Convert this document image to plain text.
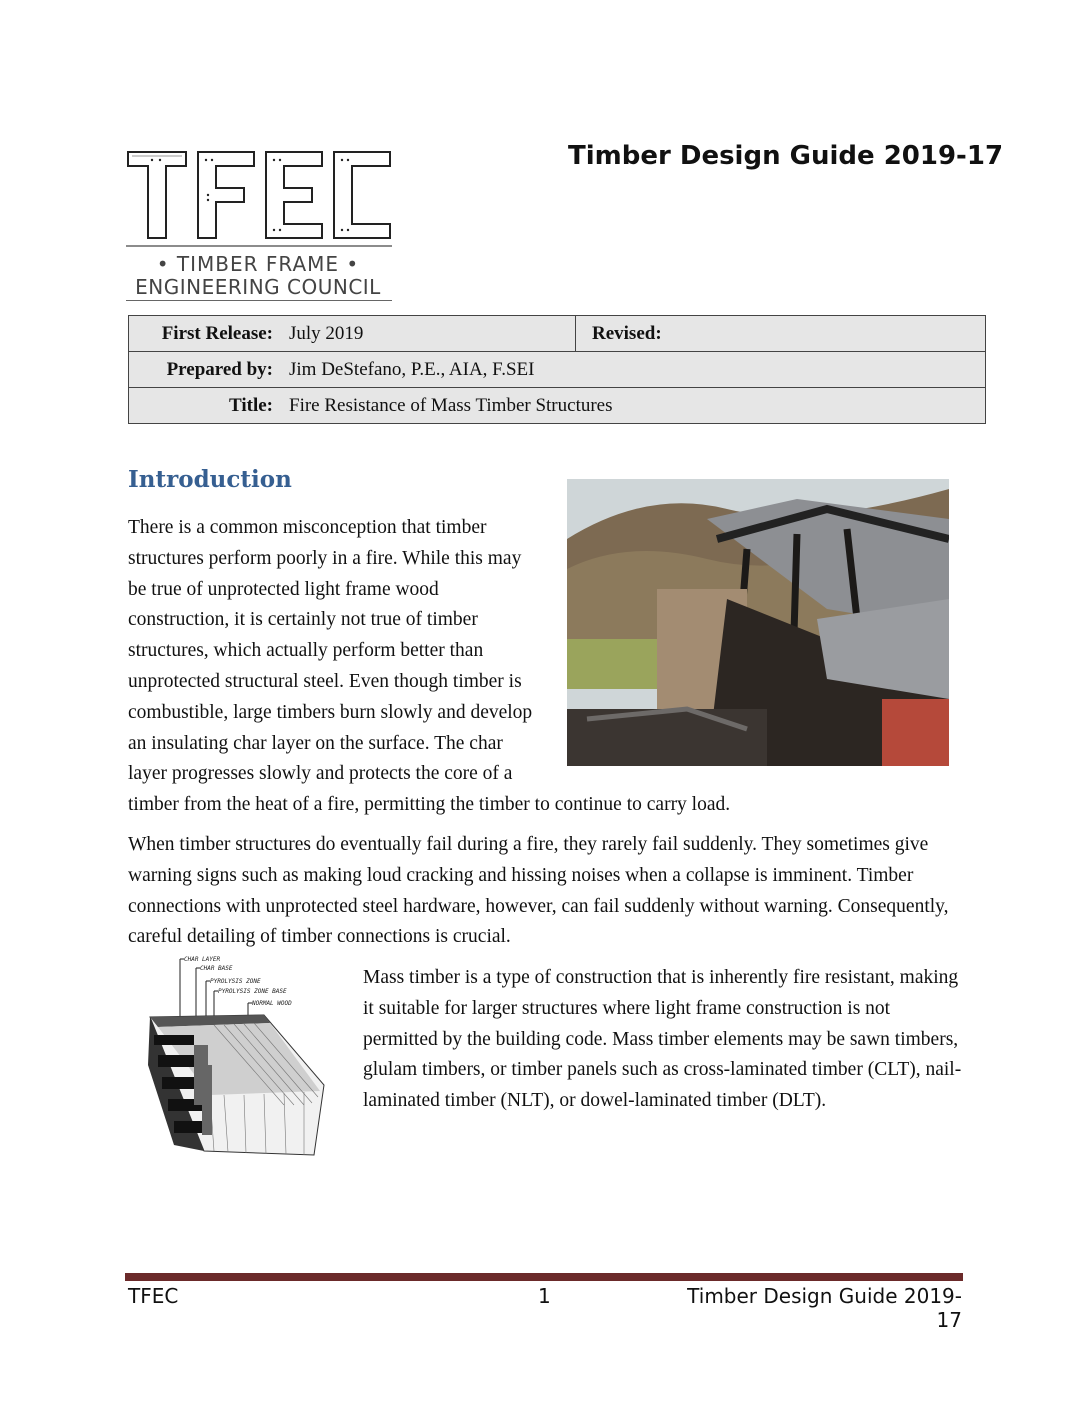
• TIMBER FRAME •
ENGINEERING COUNCIL
Timber Design Guide 2019-17
First Release:	July 2019	Revised:	
Prepared by:	Jim DeStefano, P.E., AIA, F.SEI		
Title:	Fire Resistance of Mass Timber Structures		
Introduction

There is a common misconception that timber structures perform poorly in a fire. While this may be true of unprotected light frame wood construction, it is certainly not true of timber structures, which actually perform better than unprotected structural steel. Even though timber is combustible, large timbers burn slowly and develop an insulating char layer on the surface. The char layer progresses slowly and protects the core of a timber from the heat of a fire, permitting the timber to continue to carry load.

When timber structures do eventually fail during a fire, they rarely fail suddenly. They sometimes give warning signs such as making loud cracking and hissing noises when a collapse is imminent. Timber connections with unprotected steel hardware, however, can fail suddenly without warning. Consequently, careful detailing of timber connections is crucial.

CHAR LAYER
CHAR BASE
PYROLYSIS ZONE
PYROLYSIS ZONE BASE
NORMAL WOOD

Mass timber is a type of construction that is inherently fire resistant, making it suitable for larger structures where light frame construction is not permitted by the building code. Mass timber elements may be sawn timbers, glulam timbers, or timber panels such as cross-laminated timber (CLT), nail-laminated timber (NLT), or dowel-laminated timber (DLT).

TFEC	1	Timber Design Guide 2019-17
